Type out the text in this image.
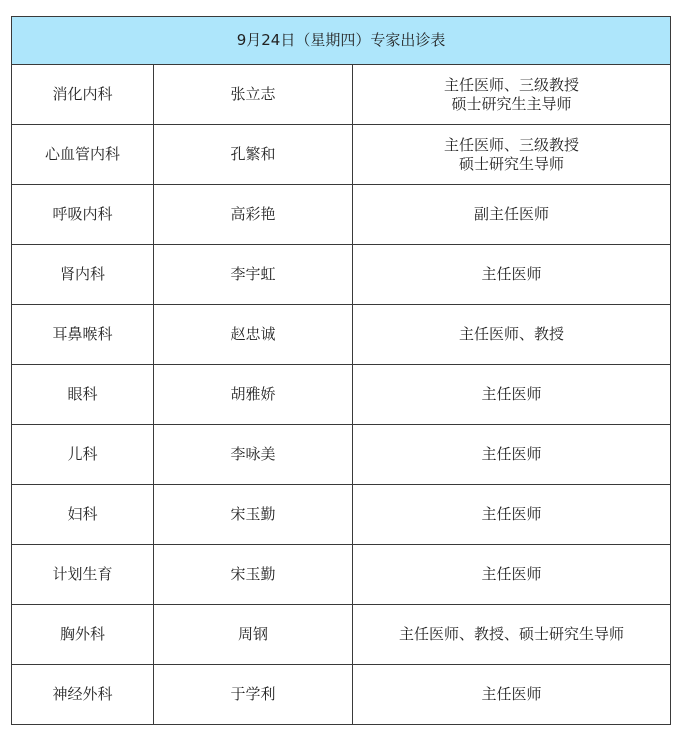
9月24日（星期四）专家出诊表		
消化内科	张立志	主任医师、三级教授
硕士研究生主导师

心血管内科	孔繁和	主任医师、三级教授
硕士研究生导师

呼吸内科	高彩艳	副主任医师

肾内科	李宇虹	主任医师

耳鼻喉科	赵忠诚	主任医师、教授

眼科	胡雅娇	主任医师

儿科	李咏美	主任医师

妇科	宋玉勤	主任医师

计划生育	宋玉勤	主任医师

胸外科	周钢	主任医师、教授、硕士研究生导师

神经外科	于学利	主任医师
